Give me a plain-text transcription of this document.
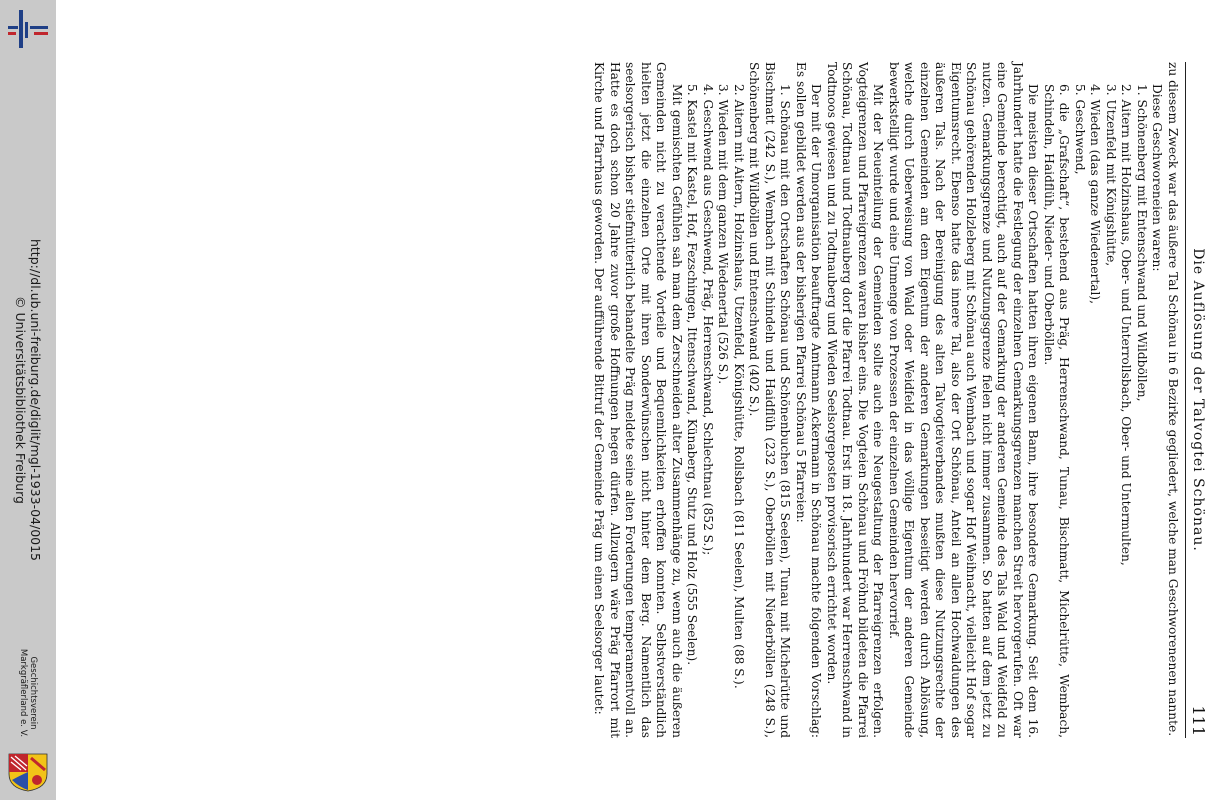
http://dl.ub.uni-freiburg.de/diglit/mgl-1933-04/0015
© Universitätsbibliothek Freiburg
Geschichtsverein
Markgräflerland e. V.
Die Auflösung der Talvogtei Schönau.
111

zu diesem Zweck war das äußere Tal Schönau in 6 Bezirke gegliedert, welche man Geschworenenen nannte.

Diese Geschworeneien waren:

1. Schönenberg mit Entenschwand und Wildböllen,

2. Aitern mit Holzinshaus, Ober- und Unterrollsbach, Ober- und Untermulten,

3. Utzenfeld mit Königshütte,

4. Wieden (das ganze Wiedenertal),

5. Geschwend,

6. die „Grafschaft“, bestehend aus Präg, Herrenschwand, Tunau, Bischmatt, Michelrütte, Wembach, Schindeln, Haidflüh, Nieder- und Oberböllen.

Die meisten dieser Ortschaften hatten ihren eigenen Bann, ihre besondere Gemarkung. Seit dem 16. Jahrhundert hatte die Festlegung der einzelnen Gemarkungsgrenzen manchen Streit hervorgerufen. Oft war eine Gemeinde berechtigt, auch auf der Gemarkung der anderen Gemeinde des Tals Wald und Weidfeld zu nutzen. Gemarkungsgrenze und Nutzungsgrenze fielen nicht immer zusammen. So hatten auf dem jetzt zu Schönau gehörenden Holzleberg mit Schönau auch Wembach und sogar Hof Weihnacht, vielleicht Hof sogar Eigentumsrecht. Ebenso hatte das innere Tal, also der Ort Schönau, Anteil an allen Hochwaldungen des äußeren Tals. Nach der Bereinigung des alten Talvogteiverbandes mußten diese Nutzungsrechte der einzelnen Gemeinden am dem Eigentum der anderen Gemarkungen beseitigt werden durch Ablösung, welche durch Ueberweisung von Wald oder Weidfeld in das völlige Eigentum der anderen Gemeinde bewerkstelligt wurde und eine Unmenge von Prozessen der einzelnen Gemeinden hervorrief.

Mit der Neueinteilung der Gemeinden sollte auch eine Neugestaltung der Pfarreigrenzen erfolgen. Vogteigrenzen und Pfarreigrenzen waren bisher eins. Die Vogteien Schönau und Fröhnd bildeten die Pfarrei Schönau, Todtnau und Todtnauberg dorf die Pfarrei Todtnau. Erst im 18. Jahrhundert war Herrenschwand in Todtnoos gewiesen und zu Todtnauberg und Wieden Seelsorgeposten provisorisch errichtet worden.

Der mit der Umorganisation beauftragte Amtmann Ackermann in Schönau machte folgenden Vorschlag: Es sollen gebildet werden aus der bisherigen Pfarrei Schönau 5 Pfarreien:

1. Schönau mit den Ortschaften Schönau und Schönenbuchen (815 Seelen), Tunau mit Michelrütte und Bischmatt (242 S.), Wembach mit Schindeln und Haidflüh (232 S.), Oberböllen mit Niederböllen (248 S.), Schönenberg mit Wildböllen und Entenschwand (402 S.).

2. Aitern mit Aitern, Holzinshaus, Utzenfeld, Königshütte, Rollsbach (811 Seelen), Multen (88 S.).

3. Wieden mit dem ganzen Wiedenertal (526 S.).

4. Geschwend aus Geschwend, Präg, Herrenschwand, Schlechtnau (852 S.);

5. Kastel mit Kastel, Hof, Fezschingen, Ittenschwand, Künaberg, Stutz und Holz (555 Seelen).

Mit gemischten Gefühlen sah man dem Zerschneiden alter Zusammenhänge zu, wenn auch die äußeren Gemeinden nicht zu verachtende Vorteile und Bequemlichkeiten erhoffen konnten. Selbstverständlich hielten jetzt die einzelnen Orte mit ihren Sonderwünschen nicht hinter dem Berg. Namentlich das seelsorgerisch bisher stiefmütterlich behandelte Präg meldete seine alten Forderungen temperamentvoll an. Hatte es doch schon 20 Jahre zuvor große Hoffnungen hegen dürfen. Allzugern wäre Präg Pfarrort mit Kirche und Pfarrhaus geworden. Der aufführende Bittruf der Gemeinde Präg um einen Seelsorger lautet:
